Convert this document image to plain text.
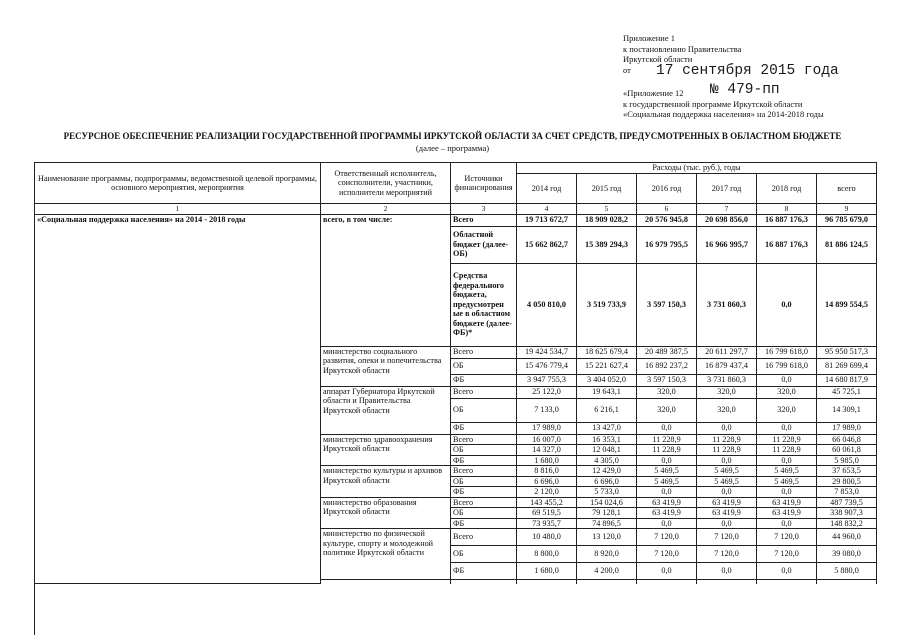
Приложение 1
к постановлению Правительства
Иркутской области
от
«Приложение 12
к государственной программе Иркутской области
«Социальная поддержка населения» на 2014-2018 годы
17 сентября 2015 года
№ 479-пп
РЕСУРСНОЕ ОБЕСПЕЧЕНИЕ РЕАЛИЗАЦИИ ГОСУДАРСТВЕННОЙ ПРОГРАММЫ ИРКУТСКОЙ ОБЛАСТИ ЗА СЧЕТ СРЕДСТВ, ПРЕДУСМОТРЕННЫХ В ОБЛАСТНОМ БЮДЖЕТЕ
(далее – программа)
Наименование программы, подпрограммы, ведомственной целевой программы, основного мероприятия, мероприятия	Ответственный исполнитель, соисполнители, участники, исполнители мероприятий	Источники финансирования	Расходы (тыс. руб.), годы					
			2014 год	2015 год	2016 год	2017 год	2018 год	всего
1	2	3	4	5	6	7	8	9
«Социальная поддержка населения» на 2014 - 2018 годы	всего, в том числе:	Всего	19 713 672,7	18 909 028,2	20 576 945,8	20 698 856,0	16 887 176,3	96 785 679,0
		Областной бюджет (далее- ОБ)	15 662 862,7	15 389 294,3	16 979 795,5	16 966 995,7	16 887 176,3	81 886 124,5
		Средства федерального бюджета, предусмотрен ые в областном бюджете (далее- ФБ)*	4 050 810,0	3 519 733,9	3 597 150,3	3 731 860,3	0,0	14 899 554,5
	министерство социального развития, опеки и попечительства Иркутской области	Всего	19 424 534,7	18 625 679,4	20 489 387,5	20 611 297,7	16 799 618,0	95 950 517,3
		ОБ	15 476 779,4	15 221 627,4	16 892 237,2	16 879 437,4	16 799 618,0	81 269 699,4
		ФБ	3 947 755,3	3 404 052,0	3 597 150,3	3 731 860,3	0,0	14 680 817,9
	аппарат Губернатора Иркутской области и Правительства Иркутской области	Всего	25 122,0	19 643,1	320,0	320,0	320,0	45 725,1
		ОБ	7 133,0	6 216,1	320,0	320,0	320,0	14 309,1
		ФБ	17 989,0	13 427,0	0,0	0,0	0,0	17 989,0
	министерство здравоохранения Иркутской области	Всего	16 007,0	16 353,1	11 228,9	11 228,9	11 228,9	66 046,8
		ОБ	14 327,0	12 048,1	11 228,9	11 228,9	11 228,9	60 061,8
		ФБ	1 680,0	4 305,0	0,0	0,0	0,0	5 985,0
	министерство культуры и архивов Иркутской области	Всего	8 816,0	12 429,0	5 469,5	5 469,5	5 469,5	37 653,5
		ОБ	6 696,0	6 696,0	5 469,5	5 469,5	5 469,5	29 800,5
		ФБ	2 120,0	5 733,0	0,0	0,0	0,0	7 853,0
	министерство образования Иркутской области	Всего	143 455,2	154 024,6	63 419,9	63 419,9	63 419,9	487 739,5
		ОБ	69 519,5	79 128,1	63 419,9	63 419,9	63 419,9	338 907,3
		ФБ	73 935,7	74 896,5	0,0	0,0	0,0	148 832,2
	министерство по физической культуре, спорту и молодежной политике Иркутской области	Всего	10 480,0	13 120,0	7 120,0	7 120,0	7 120,0	44 960,0
		ОБ	8 800,0	8 920,0	7 120,0	7 120,0	7 120,0	39 080,0
		ФБ	1 680,0	4 200,0	0,0	0,0	0,0	5 880,0
